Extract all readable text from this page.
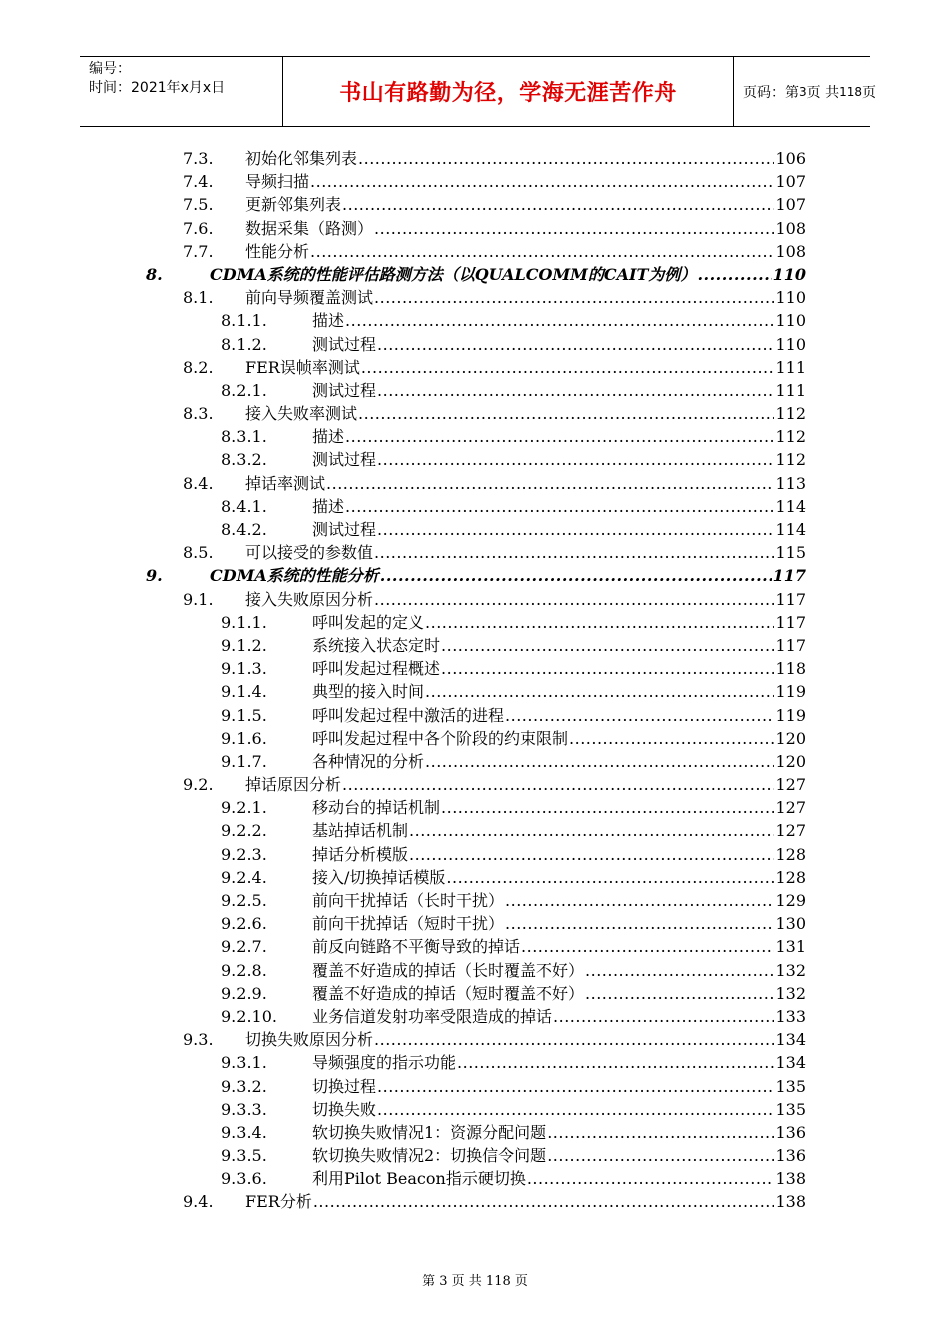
编号：
时间：2021年x月x日	书山有路勤为径，学海无涯苦作舟	页码：第 3 页 共 118 页
7.3. 初始化邻集列表 .....	106
7.4. 导频扫描 .....	107
7.5. 更新邻集列表 .....	107
7.6. 数据采集（路测） .....	108
7.7. 性能分析 .....	108
8.	CDMA系统的性能评估路测方法（以QUALCOMM的CAIT为例） .....	110
8.1. 前向导频覆盖测试 .....	110
8.1.1.	描述 .....	110
8.1.2.	测试过程 .....	110
8.2. FER误帧率测试 .....	111
8.2.1.	测试过程 .....	111
8.3. 接入失败率测试 .....	112
8.3.1.	描述 .....	112
8.3.2.	测试过程 .....	112
8.4. 掉话率测试 .....	113
8.4.1.	描述 .....	114
8.4.2.	测试过程 .....	114
8.5. 可以接受的参数值 .....	115
9.	CDMA系统的性能分析 .....	117
9.1. 接入失败原因分析 .....	117
9.1.1.	呼叫发起的定义 .....	117
9.1.2.	系统接入状态定时 .....	117
9.1.3.	呼叫发起过程概述 .....	118
9.1.4.	典型的接入时间 .....	119
9.1.5.	呼叫发起过程中激活的进程 .....	119
9.1.6.	呼叫发起过程中各个阶段的约束限制 .....	120
9.1.7.	各种情况的分析 .....	120
9.2. 掉话原因分析 .....	127
9.2.1.	移动台的掉话机制 .....	127
9.2.2.	基站掉话机制 .....	127
9.2.3.	掉话分析模版 .....	128
9.2.4.	接入/切换掉话模版 .....	128
9.2.5.	前向干扰掉话（长时干扰） .....	129
9.2.6.	前向干扰掉话（短时干扰） .....	130
9.2.7.	前反向链路不平衡导致的掉话 .....	131
9.2.8.	覆盖不好造成的掉话（长时覆盖不好） .....	132
9.2.9.	覆盖不好造成的掉话（短时覆盖不好） .....	132
9.2.10. 业务信道发射功率受限造成的掉话 .....	133
9.3. 切换失败原因分析 .....	134
9.3.1.	导频强度的指示功能 .....	134
9.3.2.	切换过程 .....	135
9.3.3.	切换失败 .....	135
9.3.4.	软切换失败情况1：资源分配问题 .....	136
9.3.5.	软切换失败情况2：切换信令问题 .....	136
9.3.6.	利用Pilot Beacon指示硬切换 .....	138
9.4. FER分析 .....	138
第 3 页 共 118 页
